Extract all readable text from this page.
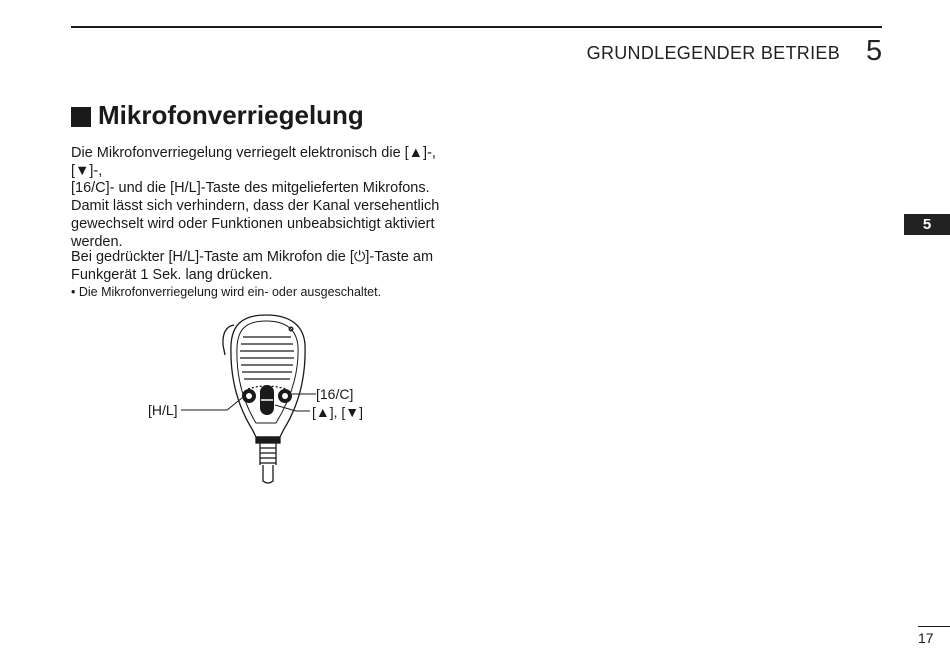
GRUNDLEGENDER BETRIEB 5
5
Mikrofonverriegelung

Die Mikrofonverriegelung verriegelt elektronisch die [▲]-, [▼]-,
[16/C]- und die [H/L]-Taste des mitgelieferten Mikrofons.
Damit lässt sich verhindern, dass der Kanal versehentlich
gewechselt wird oder Funktionen unbeabsichtigt aktiviert
werden.

Bei gedrückter [H/L]-Taste am Mikrofon die [⏻]-Taste am
Funkgerät 1 Sek. lang drücken.

• Die Mikrofonverriegelung wird ein- oder ausgeschaltet.
[H/L]
[16/C]
[▲], [▼]
17
